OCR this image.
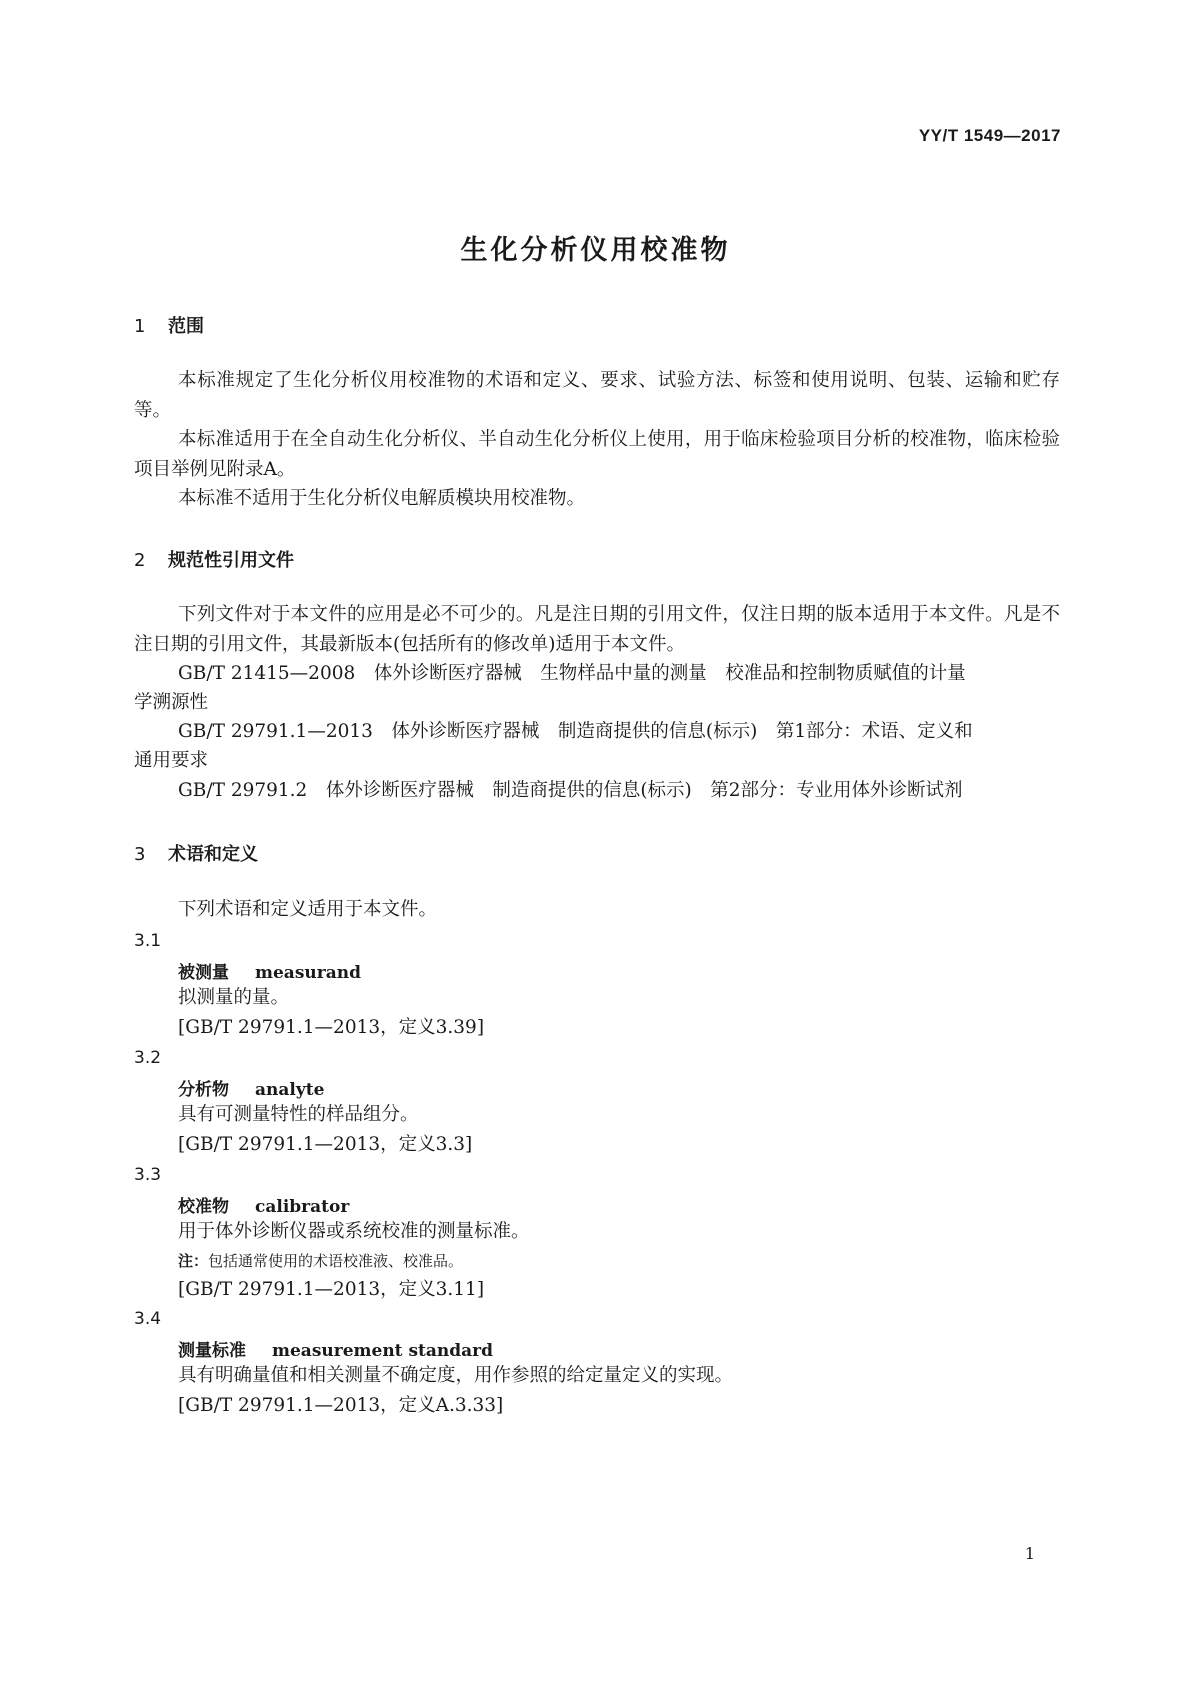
YY/T 1549—2017
生化分析仪用校准物
1 范围
本标准规定了生化分析仪用校准物的术语和定义、要求、试验方法、标签和使用说明、包装、运输和贮存等。
本标准适用于在全自动生化分析仪、半自动生化分析仪上使用，用于临床检验项目分析的校准物，临床检验项目举例见附录A。
本标准不适用于生化分析仪电解质模块用校准物。
2 规范性引用文件
下列文件对于本文件的应用是必不可少的。凡是注日期的引用文件，仅注日期的版本适用于本文件。凡是不注日期的引用文件，其最新版本(包括所有的修改单)适用于本文件。
GB/T 21415—2008　体外诊断医疗器械　生物样品中量的测量　校准品和控制物质赋值的计量
学溯源性
GB/T 29791.1—2013　体外诊断医疗器械　制造商提供的信息(标示)　第1部分：术语、定义和
通用要求
GB/T 29791.2　体外诊断医疗器械　制造商提供的信息(标示)　第2部分：专业用体外诊断试剂
3 术语和定义
下列术语和定义适用于本文件。
3.1
被测量 measurand
拟测量的量。
[GB/T 29791.1—2013，定义3.39]
3.2
分析物 analyte
具有可测量特性的样品组分。
[GB/T 29791.1—2013，定义3.3]
3.3
校准物 calibrator
用于体外诊断仪器或系统校准的测量标准。
注：包括通常使用的术语校准液、校准品。
[GB/T 29791.1—2013，定义3.11]
3.4
测量标准 measurement standard
具有明确量值和相关测量不确定度，用作参照的给定量定义的实现。
[GB/T 29791.1—2013，定义A.3.33]
1
